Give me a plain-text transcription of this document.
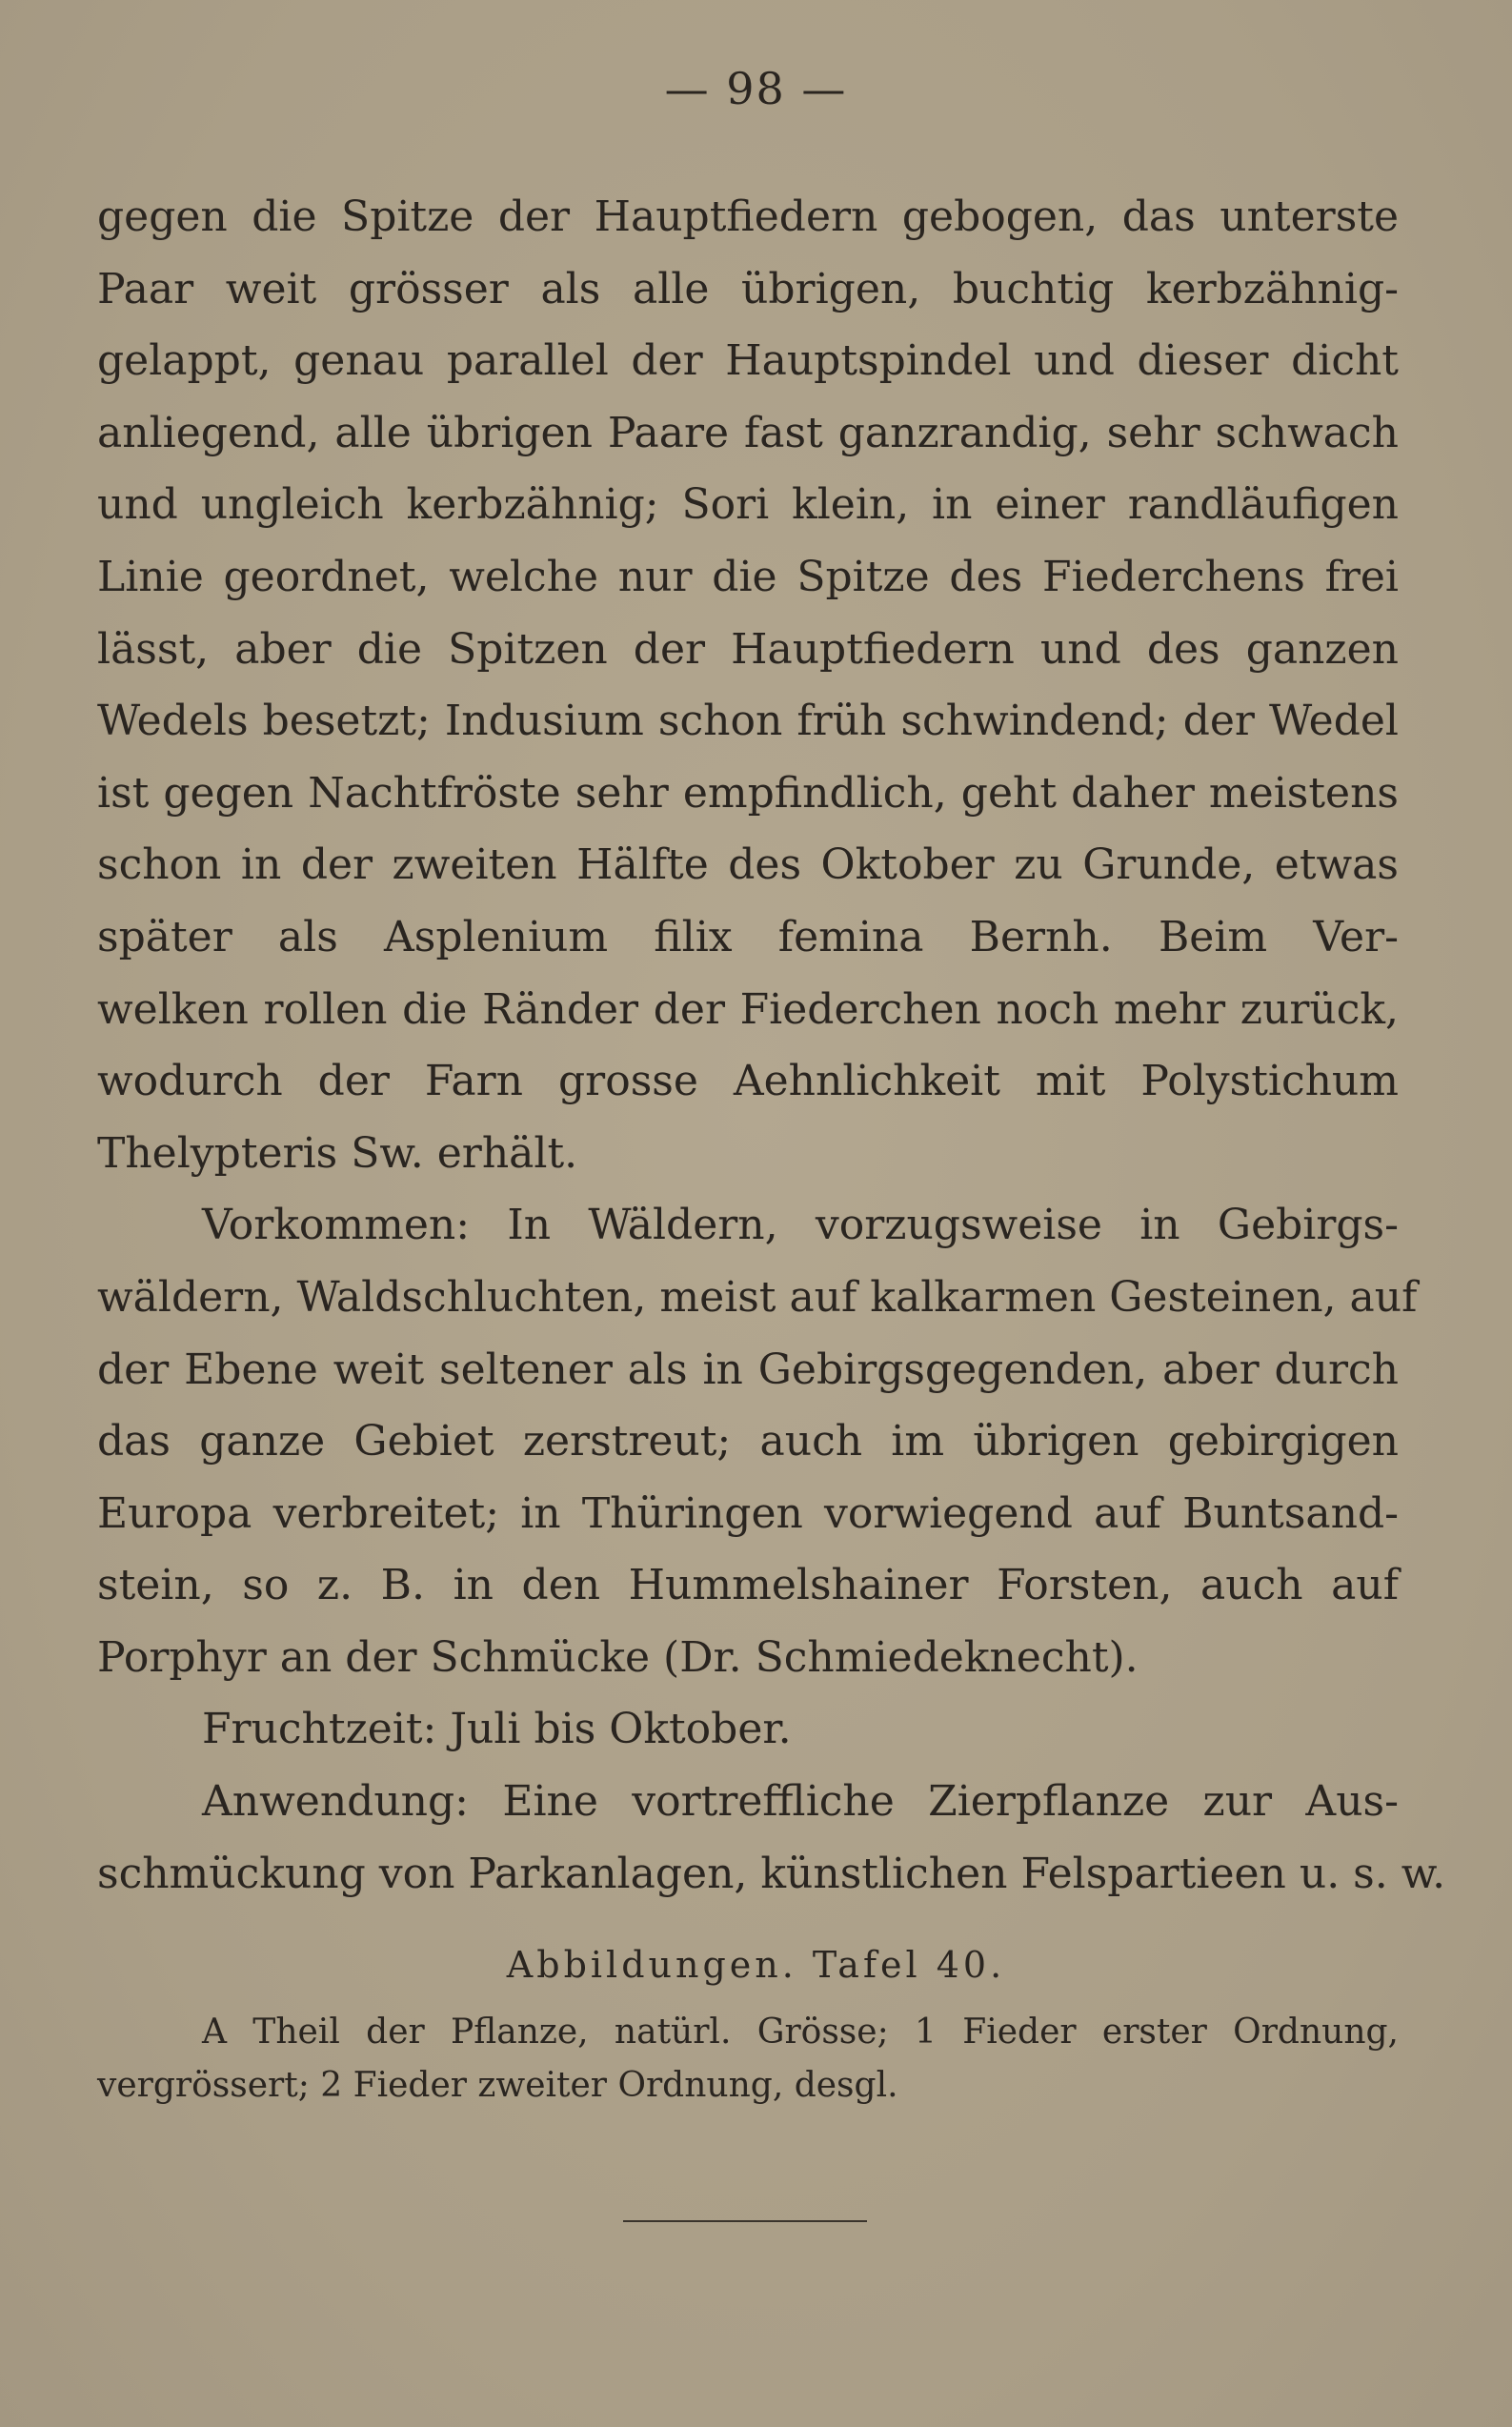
— 98 —
gegen die Spitze der Hauptfiedern gebogen, das unterste
Paar weit grösser als alle übrigen, buchtig kerbzähnig-
gelappt, genau parallel der Hauptspindel und dieser dicht
anliegend, alle übrigen Paare fast ganzrandig, sehr schwach
und ungleich kerbzähnig; Sori klein, in einer randläufigen
Linie geordnet, welche nur die Spitze des Fiederchens frei
lässt, aber die Spitzen der Hauptfiedern und des ganzen
Wedels besetzt; Indusium schon früh schwindend; der Wedel
ist gegen Nachtfröste sehr empfindlich, geht daher meistens
schon in der zweiten Hälfte des Oktober zu Grunde, etwas
später als Asplenium filix femina Bernh. Beim Ver-
welken rollen die Ränder der Fiederchen noch mehr zurück,
wodurch der Farn grosse Aehnlichkeit mit Polystichum
Thelypteris Sw. erhält.
Vorkommen: In Wäldern, vorzugsweise in Gebirgs-
wäldern, Waldschluchten, meist auf kalkarmen Gesteinen, auf
der Ebene weit seltener als in Gebirgsgegenden, aber durch
das ganze Gebiet zerstreut; auch im übrigen gebirgigen
Europa verbreitet; in Thüringen vorwiegend auf Buntsand-
stein, so z. B. in den Hummelshainer Forsten, auch auf
Porphyr an der Schmücke (Dr. Schmiedeknecht).
Fruchtzeit: Juli bis Oktober.
Anwendung: Eine vortreffliche Zierpflanze zur Aus-
schmückung von Parkanlagen, künstlichen Felspartieen u. s. w.
Abbildungen. Tafel 40.
A Theil der Pflanze, natürl. Grösse; 1 Fieder erster Ordnung,
vergrössert; 2 Fieder zweiter Ordnung, desgl.
